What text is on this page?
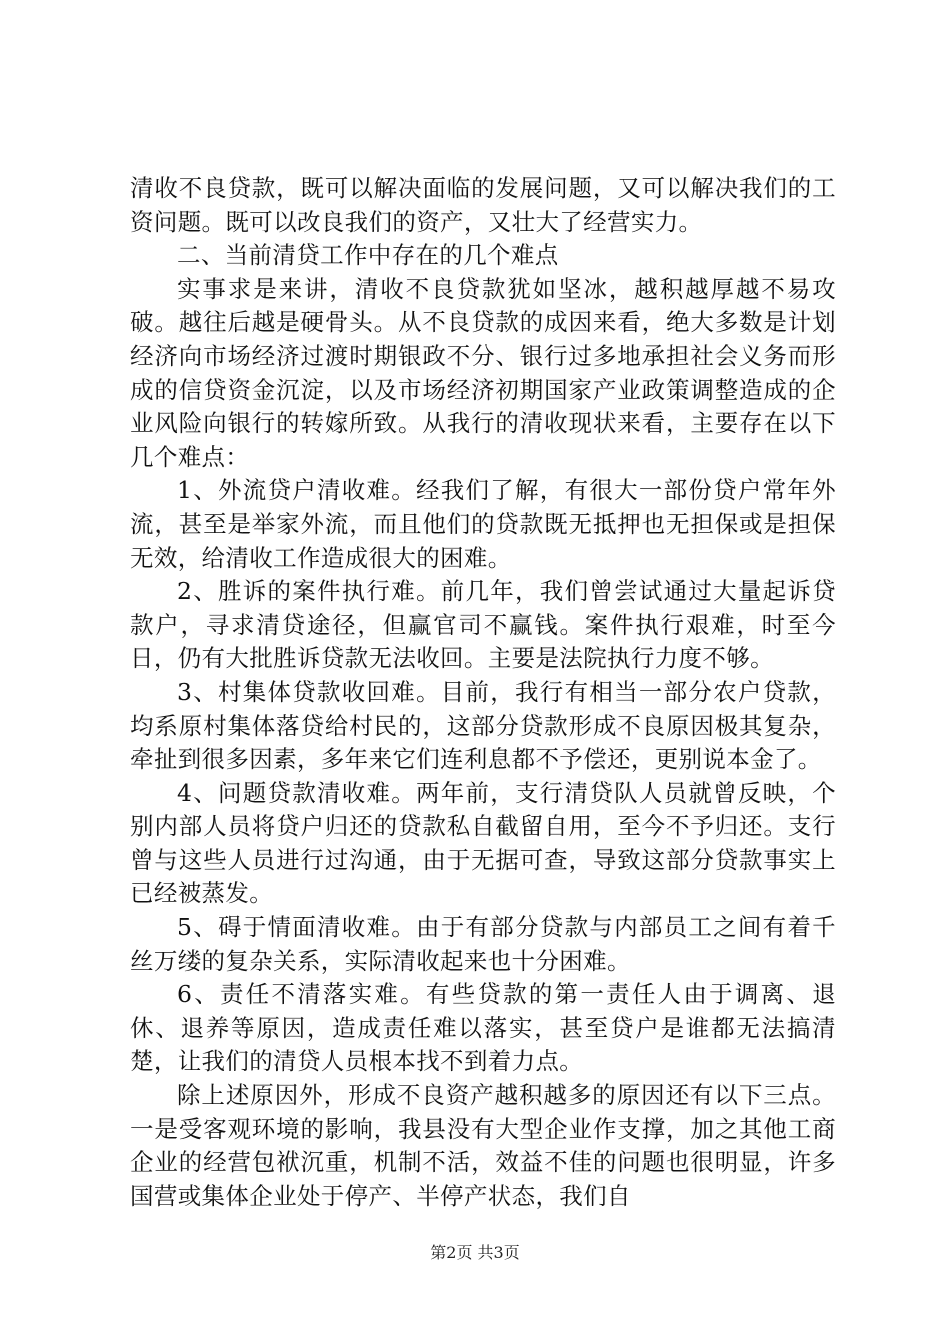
清收不良贷款，既可以解决面临的发展问题，又可以解决我们的工资问题。既可以改良我们的资产，又壮大了经营实力。

二、当前清贷工作中存在的几个难点

实事求是来讲，清收不良贷款犹如坚冰，越积越厚越不易攻破。越往后越是硬骨头。从不良贷款的成因来看，绝大多数是计划经济向市场经济过渡时期银政不分、银行过多地承担社会义务而形成的信贷资金沉淀，以及市场经济初期国家产业政策调整造成的企业风险向银行的转嫁所致。从我行的清收现状来看，主要存在以下几个难点：

1、外流贷户清收难。经我们了解，有很大一部份贷户常年外流，甚至是举家外流，而且他们的贷款既无抵押也无担保或是担保无效，给清收工作造成很大的困难。

2、胜诉的案件执行难。前几年，我们曾尝试通过大量起诉贷款户，寻求清贷途径，但赢官司不赢钱。案件执行艰难，时至今日，仍有大批胜诉贷款无法收回。主要是法院执行力度不够。

3、村集体贷款收回难。目前，我行有相当一部分农户贷款，均系原村集体落贷给村民的，这部分贷款形成不良原因极其复杂，牵扯到很多因素，多年来它们连利息都不予偿还，更别说本金了。

4、问题贷款清收难。两年前，支行清贷队人员就曾反映，个别内部人员将贷户归还的贷款私自截留自用，至今不予归还。支行曾与这些人员进行过沟通，由于无据可查，导致这部分贷款事实上已经被蒸发。

5、碍于情面清收难。由于有部分贷款与内部员工之间有着千丝万缕的复杂关系，实际清收起来也十分困难。

6、责任不清落实难。有些贷款的第一责任人由于调离、退休、退养等原因，造成责任难以落实，甚至贷户是谁都无法搞清楚，让我们的清贷人员根本找不到着力点。

除上述原因外，形成不良资产越积越多的原因还有以下三点。一是受客观环境的影响，我县没有大型企业作支撑，加之其他工商企业的经营包袱沉重，机制不活，效益不佳的问题也很明显，许多国营或集体企业处于停产、半停产状态，我们自

第2页 共3页
